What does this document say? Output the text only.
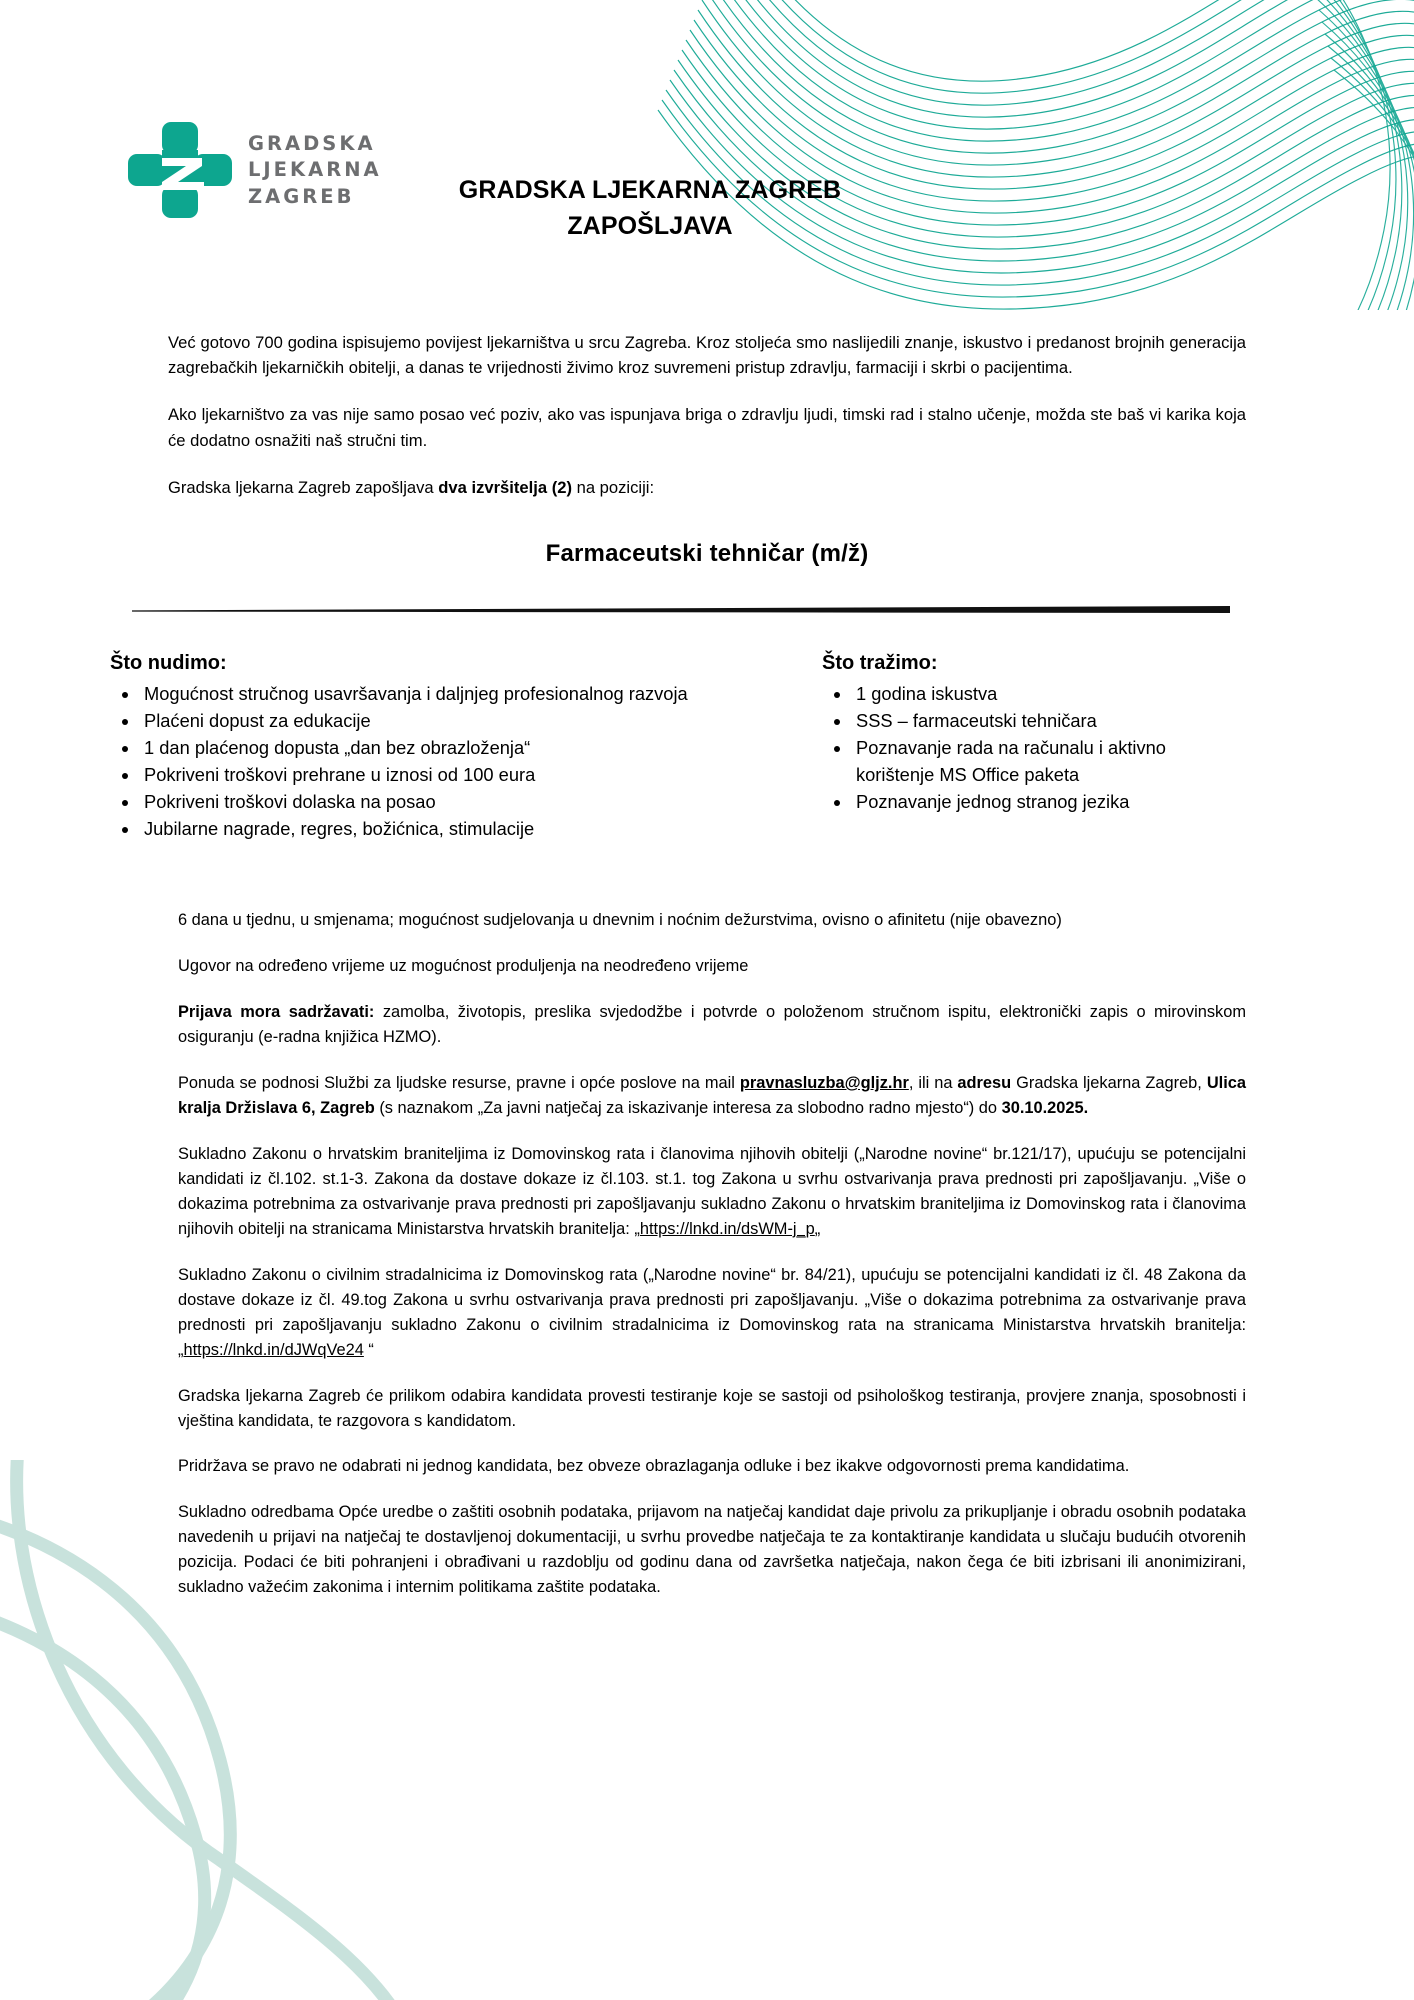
GRADSKA
LJEKARNA
ZAGREB	GRADSKA LJEKARNA ZAGREB
ZAPOŠLJAVA

Već gotovo 700 godina ispisujemo povijest ljekarništva u srcu Zagreba. Kroz stoljeća smo naslijedili znanje, iskustvo i predanost brojnih generacija zagrebačkih ljekarničkih obitelji, a danas te vrijednosti živimo kroz suvremeni pristup zdravlju, farmaciji i skrbi o pacijentima.

Ako ljekarništvo za vas nije samo posao već poziv, ako vas ispunjava briga o zdravlju ljudi, timski rad i stalno učenje, možda ste baš vi karika koja će dodatno osnažiti naš stručni tim.

Gradska ljekarna Zagreb zapošljava dva izvršitelja (2) na poziciji:

Farmaceutski tehničar (m/ž)
Što nudimo:
• Mogućnost stručnog usavršavanja i daljnjeg profesionalnog razvoja
• Plaćeni dopust za edukacije
• 1 dan plaćenog dopusta „dan bez obrazloženja“
• Pokriveni troškovi prehrane u iznosi od 100 eura
• Pokriveni troškovi dolaska na posao
• Jubilarne nagrade, regres, božićnica, stimulacije
Što tražimo:
• 1 godina iskustva
• SSS – farmaceutski tehničara
• Poznavanje rada na računalu i aktivno korištenje MS Office paketa
• Poznavanje jednog stranog jezika

6 dana u tjednu, u smjenama; mogućnost sudjelovanja u dnevnim i noćnim dežurstvima, ovisno o afinitetu (nije obavezno)

Ugovor na određeno vrijeme uz mogućnost produljenja na neodređeno vrijeme

Prijava mora sadržavati: zamolba, životopis, preslika svjedodžbe i potvrde o položenom stručnom ispitu, elektronički zapis o mirovinskom osiguranju (e-radna knjižica HZMO).

Ponuda se podnosi Službi za ljudske resurse, pravne i opće poslove na mail pravnasluzba@gljz.hr, ili na adresu Gradska ljekarna Zagreb, Ulica kralja Držislava 6, Zagreb (s naznakom „Za javni natječaj za iskazivanje interesa za slobodno radno mjesto“) do 30.10.2025.

Sukladno Zakonu o hrvatskim braniteljima iz Domovinskog rata i članovima njihovih obitelji („Narodne novine“ br.121/17), upućuju se potencijalni kandidati iz čl.102. st.1-3. Zakona da dostave dokaze iz čl.103. st.1. tog Zakona u svrhu ostvarivanja prava prednosti pri zapošljavanju. „Više o dokazima potrebnima za ostvarivanje prava prednosti pri zapošljavanju sukladno Zakonu o hrvatskim braniteljima iz Domovinskog rata i članovima njihovih obitelji na stranicama Ministarstva hrvatskih branitelja: „https://lnkd.in/dsWM-j_p„

Sukladno Zakonu o civilnim stradalnicima iz Domovinskog rata („Narodne novine“ br. 84/21), upućuju se potencijalni kandidati iz čl. 48 Zakona da dostave dokaze iz čl. 49.tog Zakona u svrhu ostvarivanja prava prednosti pri zapošljavanju. „Više o dokazima potrebnima za ostvarivanje prava prednosti pri zapošljavanju sukladno Zakonu o civilnim stradalnicima iz Domovinskog rata na stranicama Ministarstva hrvatskih branitelja: „https://lnkd.in/dJWqVe24 “

Gradska ljekarna Zagreb će prilikom odabira kandidata provesti testiranje koje se sastoji od psihološkog testiranja, provjere znanja, sposobnosti i vještina kandidata, te razgovora s kandidatom.

Pridržava se pravo ne odabrati ni jednog kandidata, bez obveze obrazlaganja odluke i bez ikakve odgovornosti prema kandidatima.

Sukladno odredbama Opće uredbe o zaštiti osobnih podataka, prijavom na natječaj kandidat daje privolu za prikupljanje i obradu osobnih podataka navedenih u prijavi na natječaj te dostavljenoj dokumentaciji, u svrhu provedbe natječaja te za kontaktiranje kandidata u slučaju budućih otvorenih pozicija. Podaci će biti pohranjeni i obrađivani u razdoblju od godinu dana od završetka natječaja, nakon čega će biti izbrisani ili anonimizirani, sukladno važećim zakonima i internim politikama zaštite podataka.
